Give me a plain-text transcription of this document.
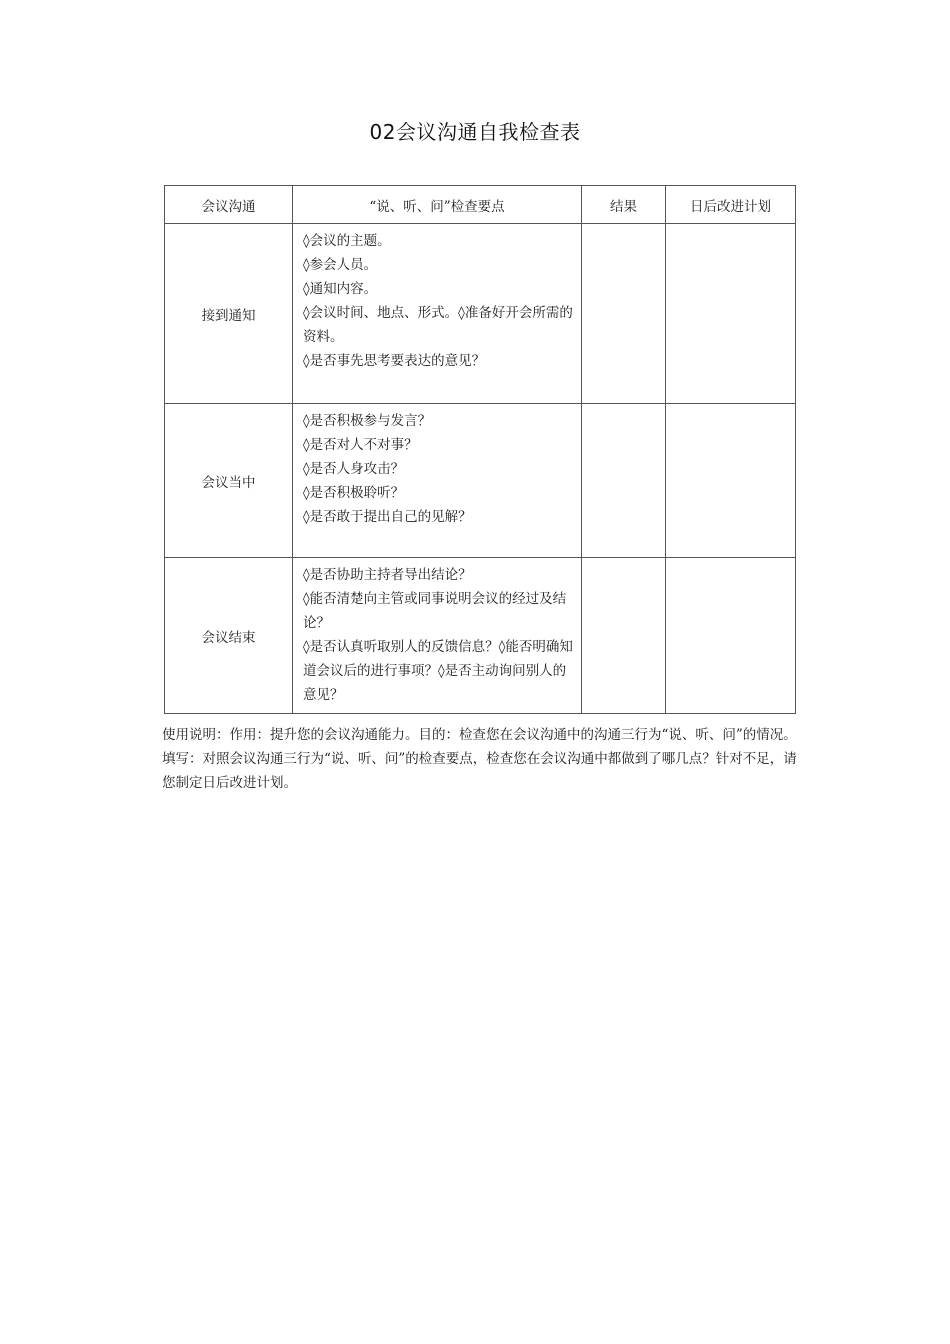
02会议沟通自我检查表
会议沟通	“说、听、问”检查要点	结果	日后改进计划
接到通知	◊会议的主题。
◊参会人员。
◊通知内容。
◊会议时间、地点、形式。◊准备好开会所需的资料。
◊是否事先思考要表达的意见？		

会议当中	◊是否积极参与发言？
◊是否对人不对事？
◊是否人身攻击？
◊是否积极聆听？
◊是否敢于提出自己的见解？		

会议结束	◊是否协助主持者导出结论？
◊能否清楚向主管或同事说明会议的经过及结论？
◊是否认真听取别人的反馈信息？◊能否明确知道会议后的进行事项？◊是否主动询问别人的意见？		

使用说明：作用：提升您的会议沟通能力。目的：检查您在会议沟通中的沟通三行为“说、听、问”的情况。填写：对照会议沟通三行为“说、听、问”的检查要点，检查您在会议沟通中都做到了哪几点？针对不足，请您制定日后改进计划。
